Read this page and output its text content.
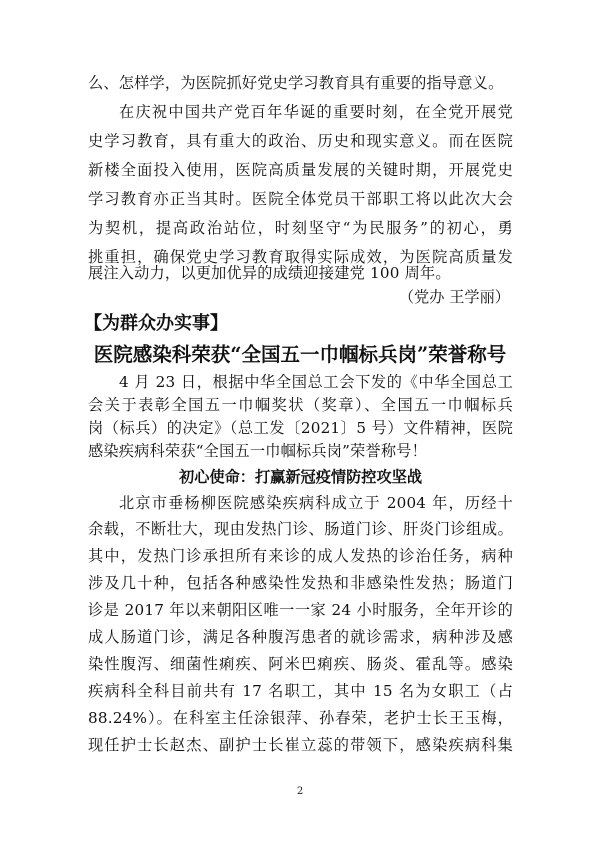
么、怎样学，为医院抓好党史学习教育具有重要的指导意义。
在庆祝中国共产党百年华诞的重要时刻，在全党开展党
史学习教育，具有重大的政治、历史和现实意义。而在医院
新楼全面投入使用，医院高质量发展的关键时期，开展党史
学习教育亦正当其时。医院全体党员干部职工将以此次大会
为契机，提高政治站位，时刻坚守“为民服务”的初心，勇
挑重担，确保党史学习教育取得实际成效，为医院高质量发
展注入动力，以更加优异的成绩迎接建党 100 周年。
（党办 王学丽）
【为群众办实事】
医院感染科荣获“全国五一巾帼标兵岗”荣誉称号
4 月 23 日，根据中华全国总工会下发的《中华全国总工
会关于表彰全国五一巾帼奖状（奖章）、全国五一巾帼标兵
岗（标兵）的决定》（总工发〔2021〕5 号）文件精神，医院
感染疾病科荣获“全国五一巾帼标兵岗”荣誉称号！
初心使命：打赢新冠疫情防控攻坚战
北京市垂杨柳医院感染疾病科成立于 2004 年，历经十
余载，不断壮大，现由发热门诊、肠道门诊、肝炎门诊组成。
其中，发热门诊承担所有来诊的成人发热的诊治任务，病种
涉及几十种，包括各种感染性发热和非感染性发热；肠道门
诊是 2017 年以来朝阳区唯一一家 24 小时服务，全年开诊的
成人肠道门诊，满足各种腹泻患者的就诊需求，病种涉及感
染性腹泻、细菌性痢疾、阿米巴痢疾、肠炎、霍乱等。感染
疾病科全科目前共有 17 名职工，其中 15 名为女职工（占
88.24%）。在科室主任涂银萍、孙春荣，老护士长王玉梅，
现任护士长赵杰、副护士长崔立蕊的带领下，感染疾病科集
2
